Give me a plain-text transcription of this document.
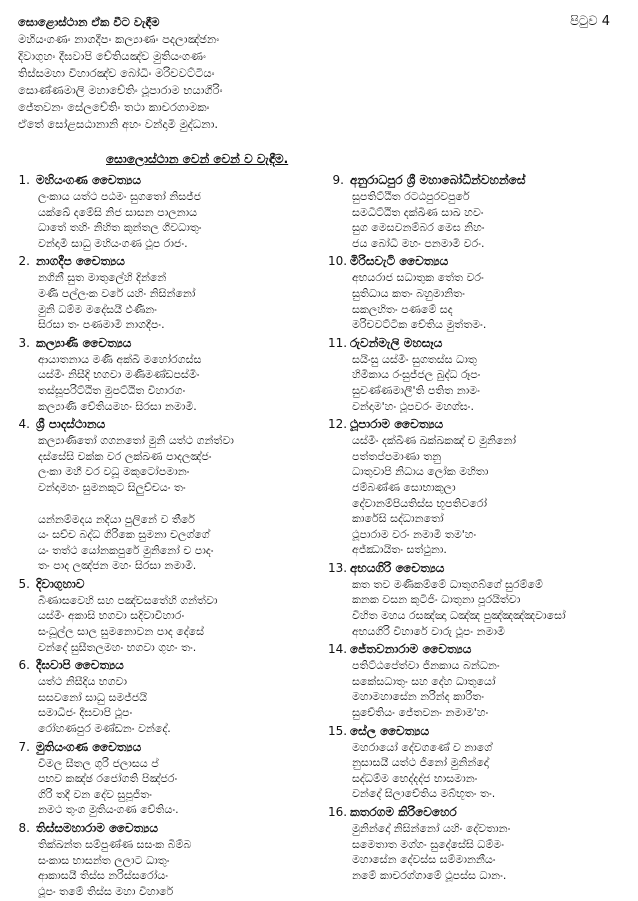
පිටුව 4
සොළොස්ථාන ඒක වීට වැඳීම
මහියංගණං නාගදීපං කල්‍යාණං පදලාඤ්ඡනං
දිවාගුහං දීඝවාපි චේතියඤ්ච මුතියංගණං
තිස්සමහා විහාරඤ්ච බෝධිං මරිචවට්ටියං
සොණ්ණමාලි මහාචේතිං ථූපාරාම භයාගිරිං
ජේතවනං සේලචේතිං තථා කාචරගාමකං
ඒතේ සෝළසඨානානි අහං වන්දාමි මුද්ධනා.
සොලොස්ථාන වෙන් වෙන් ව වැඳීම.
1. මහියංගණ චෛත්‍යය
ලංකාය යත්ථ පඨමං සුගතෝ නිසජ්ජ
යක්ඛේ දමේසි නිජ සාසන පාලනාය
ධාතේ තහිං නිහිත කුන්තල ගීවධාතුං
වන්දාමි සාධු මහියංගණ ථූප රාජං.
2. නාගදීප චෛත්‍යය
නගිනී සුත මාතුලේහි දින්නේ
මණි පල්ලංක වරේ යහිං නිසින්නෝ
මුනි ධම්ම මදේසයී ඵණීනං
සිරසා තං පණමාමි නාගදීපං.
3. කල්‍යාණි චෛත්‍යය
ආයාතනාය මණි අක්ඛි මහෝරගස්ස
යස්මිං නිසීදි භගවා මණිමණ්ඩපස්මිං
තස්සූපරිට්ඨිත මුපට්ඨිත විහාරගං
කල්‍යාණි චේතියමහං සිරසා නමාමි.
4. ශ්‍රී පාදස්ථානය
කල්‍යාණිතෝ ගගනතෝ මුනි යත්ථ ගන්ත්වා
දස්සේසි චක්ක වර ලක්ඛණ පාදලඤ්ජං
ලංකා මහී වර වධූ මකුටෝපමානං
වන්දාමහං සුමනකූට සිලුච්චයං තං
යන්නම්මදය නදියා පුලිනේ ව තීරේ
යං සච්ච බද්ධ ගිරිකෙ සුමනා චලග්ගේ
යං තත්ථ යෝනකපුරේ මුනිනෝ ච පාදං
තං පාද ලඤ්ජන මහං සිරසා නමාමි.
5. දිවාගුහාව
බිණාසවෙහි සහ පඤ්චසතේහි ගන්ත්වා
යස්මිං අකාසි භගවා සදිවාවිහාරං
සංධූල්ල සාල සුමනොවන පාද දේසේ
වන්දේ සුසීතලමහං භගවා ගුහං තං.
6. දීඝවාපි චෛත්‍යය
යත්ථ නිසීදිය භගවා
සසවනෝ සාධු සමජ්ජයි
සමාධිජං දීඝවාපි ථූපං
රෝහණපුර මණ්ඩනං වන්දේ.
7. මුතියංගණ චෛත්‍යය
විමල සීතල ගුරි ජලාසය ප්
පභව කඤ්ඡ රජෝගති පිඤ්ජරං
ගිරි තදී වන දේව සුපූජිතං
නමථ තුංග මුතියංගණ චේතියං.
8. තිස්සමහාරාම චෛත්‍යය
තික්ඛන්ත සම්පුණ්ණ සසංක බිම්බ
සංකාස භාසන්ත ලලාට ධාතුං
ආකාසයී තිස්ස නරිස්සරෝයං
ථූපං තමේ තිස්ස මහා විහාරේ
9. අනුරාධපුර ශ්‍රී මහාබෝධින්වහන්සේ
සුපතිට්ඨිත රටඨපුරවපුරේ
සමධිට්ඨිත දක්ඛිණ සාඛ හවං
සුග මෙසවනම්බර මෙඝ නිහං
ජය බෝධි මහං පනමාමි වරං.
10. මිරිසවැටි චෛත්‍යය
අභයරාජ සධාතුක තේත වරං
සුතිධාය කතං බහුමානිතං
සකලහිතං පණමේ සද
මරිචවට්ටික චේතිය මුත්තමං.
11. රුවන්මැලි මහසෑය
සයිංසු යස්මිං සුගතස්ස ධාතු
හිමිකාය රංසුජ්ජල බුද්ධ රූපං
සුවණ්ණමාලී'ති පතිත නාමං
වන්දාම'හං ථූපවරං මහග්ඝං.
12. ථූපාරාම චෛත්‍යය
යස්මිං දක්ඛිණ ඛක්ඛකඤ් ච මුනිනෝ
පත්තප්පමාණා තනු
ධාතුවාපි නිධාය ලෝක මහිතා
ජම්බණ්ණ සොභාකුලා
දේවානම්පියතිස්ස භූපතිවරෝ
කාරේසි සද්ධානතෝ
ථූපාරාම වරං නමාමි තම'හං
අජ්ඣායිතං සත්ථුනා.
13. අභයගිරි චෛත්‍යය
කත තව මණිකම්මේ ධාතුගබ්ගේ සුරම්මේ
කනක වසන කුටිජිං ධාතුනා පූරයිත්වා
විහිත මහය රසඤ්ඤා ධඤ්ඤ පුඤ්ඤඤ්ඤවාසෝ
අභයගිරි විහාරේ වාරු ථූපං නමාමි
14. ජේතවනාරාම චෛත්‍යය
පතිට්ඨපේත්වා ජිනකාය බන්ධනං
සකේසධාතුං සහ දේහ ධාතුයෝ
මහාමහාසේන නරින්ද කාරිතං
සුචේතියං ජේතවනං නමාම'හං
15. සේල චෛත්‍යය
මහරායෝ දේවගණේ ව නාගේ
නුසාසයී යත්ථ ජිනෝ මුනින්දෝ
සද්ධම්ම භෙද්දද්ජ භාසමානං
වන්දේ සිලාචේතිය මබ්භූතං තං.
16. කතරගම කිරිවෙහෙර
මුනින්දෝ නිසින්නෝ යහිං දේවතානං
සමෙතාත මග්ගං සුදේසේසි ධම්මං
මහාසේන දේවස්ස සම්මානනීයං
නමේ කාචරග්ගාමේ ථූපස්ස ධානං.
